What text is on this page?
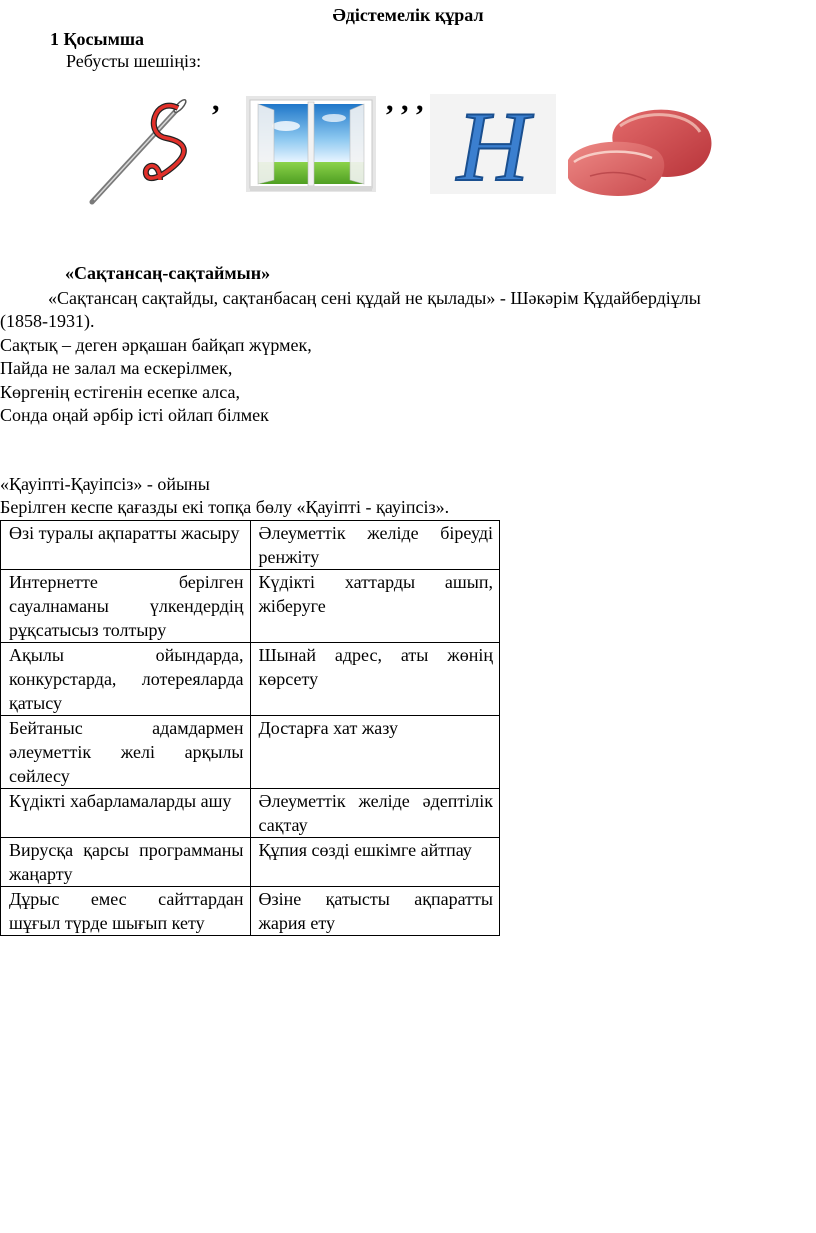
Әдістемелік құрал
1 Қосымша
Ребусты шешіңіз:
,	, , , Н
«Сақтансаң-сақтаймын»
«Сақтансаң сақтайды, сақтанбасаң сені құдай не қылады» - Шәкәрім Құдайбердіұлы
(1858-1931).
Сақтық – деген әрқашан байқап жүрмек,
Пайда не залал ма ескерілмек,
Көргенің естігенін есепке алса,
Сонда оңай әрбір істі ойлап білмек
«Қауіпті-Қауіпсіз» - ойыны
Берілген кеспе қағазды екі топқа бөлу «Қауіпті - қауіпсіз».
Өзі туралы ақпаратты жасыру	Әлеуметтік желіде біреуді ренжіту
Интернетте берілген сауалнаманы үлкендердің рұқсатысыз толтыру	Күдікті хаттарды ашып, жіберуге
Ақылы ойындарда, конкурстарда, лотереяларда қатысу	Шынай адрес, аты жөнің көрсету
Бейтаныс адамдармен әлеуметтік желі арқылы сөйлесу	Достарға хат жазу
Күдікті хабарламаларды ашу	Әлеуметтік желіде әдептілік сақтау
Вирусқа қарсы программаны жаңарту	Құпия сөзді ешкімге айтпау
Дұрыс емес сайттардан шұғыл түрде шығып кету	Өзіне қатысты ақпаратты жария ету
